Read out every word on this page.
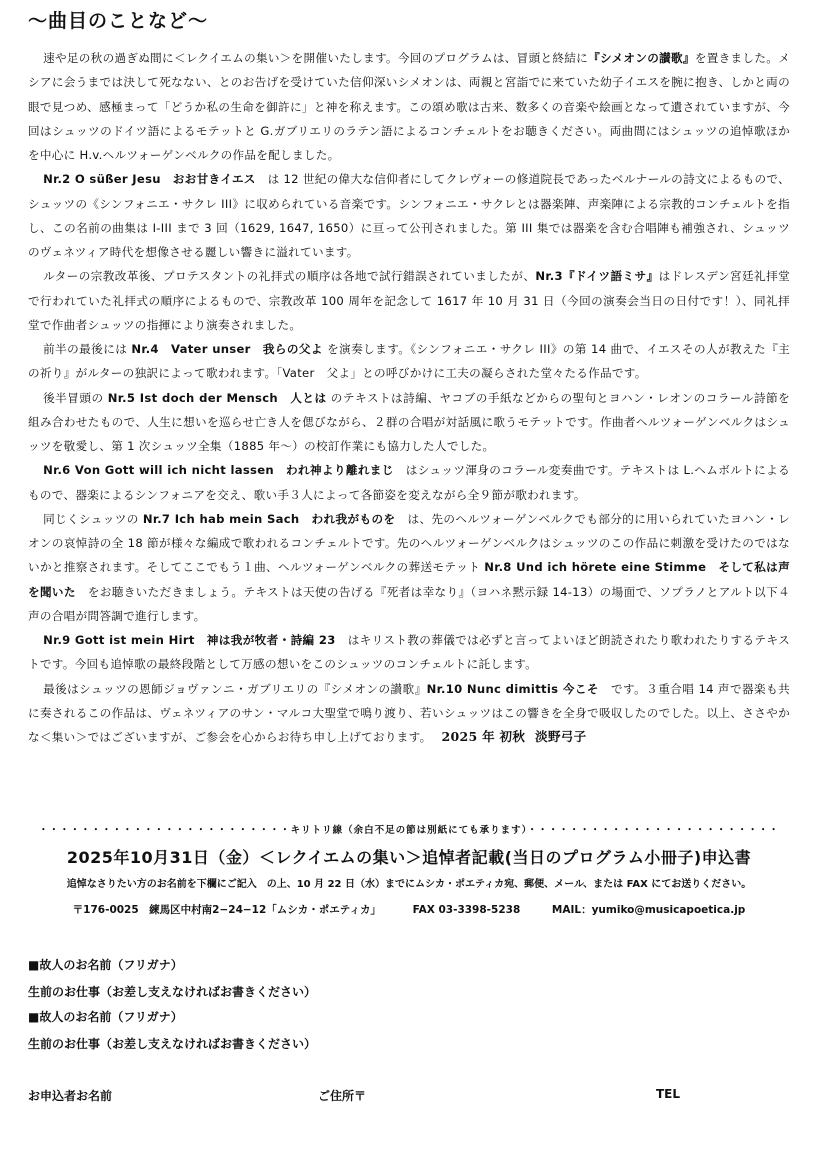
〜曲目のことなど〜

速や足の秋の過ぎぬ間に＜レクイエムの集い＞を開催いたします。今回のプログラムは、冒頭と終結に『シメオンの讃歌』を置きました。メシアに会うまでは決して死なない、とのお告げを受けていた信仰深いシメオンは、両親と宮詣でに来ていた幼子イエスを腕に抱き、しかと両の眼で見つめ、感極まって「どうか私の生命を御許に」と神を称えます。この頌め歌は古来、数多くの音楽や絵画となって遺されていますが、今回はシュッツのドイツ語によるモテットと G.ガブリエリのラテン語によるコンチェルトをお聴きください。両曲間にはシュッツの追悼歌ほかを中心に H.v.ヘルツォーゲンベルクの作品を配しました。

Nr.2 O süßer Jesu　おお甘きイエス　は 12 世紀の偉大な信仰者にしてクレヴォーの修道院長であったベルナールの詩文によるもので、シュッツの《シンフォニエ・サクレ III》に収められている音楽です。シンフォニエ・サクレとは器楽陣、声楽陣による宗教的コンチェルトを指し、この名前の曲集は I-III まで 3 回（1629, 1647, 1650）に亘って公刊されました。第 III 集では器楽を含む合唱陣も補強され、シュッツのヴェネツィア時代を想像させる麗しい響きに溢れています。

ルターの宗教改革後、プロテスタントの礼拝式の順序は各地で試行錯誤されていましたが、Nr.3『ドイツ語ミサ』はドレスデン宮廷礼拝堂で行われていた礼拝式の順序によるもので、宗教改革 100 周年を記念して 1617 年 10 月 31 日（今回の演奏会当日の日付です！）、同礼拝堂で作曲者シュッツの指揮により演奏されました。

前半の最後には Nr.4　Vater unser　我らの父よ を演奏します。《シンフォニエ・サクレ III》の第 14 曲で、イエスその人が教えた『主の祈り』がルターの独訳によって歌われます。「Vater　父よ」との呼びかけに工夫の凝らされた堂々たる作品です。

後半冒頭の Nr.5 Ist doch der Mensch　人とは のテキストは詩編、ヤコブの手紙などからの聖句とヨハン・レオンのコラール詩節を組み合わせたもので、人生に想いを巡らせ亡き人を偲びながら、２群の合唱が対話風に歌うモテットです。作曲者ヘルツォーゲンベルクはシュッツを敬愛し、第 1 次シュッツ全集（1885 年〜）の校訂作業にも協力した人でした。

Nr.6 Von Gott will ich nicht lassen　われ神より離れまじ　はシュッツ渾身のコラール変奏曲です。テキストは L.ヘムボルトによるもので、器楽によるシンフォニアを交え、歌い手３人によって各節姿を変えながら全９節が歌われます。

同じくシュッツの Nr.7 Ich hab mein Sach　われ我がものを　は、先のヘルツォーゲンベルクでも部分的に用いられていたヨハン・レオンの哀悼詩の全 18 節が様々な編成で歌われるコンチェルトです。先のヘルツォーゲンベルクはシュッツのこの作品に刺激を受けたのではないかと推察されます。そしてここでもう１曲、ヘルツォーゲンベルクの葬送モテット Nr.8 Und ich hörete eine Stimme　そして私は声を聞いた　をお聴きいただきましょう。テキストは天使の告げる『死者は幸なり』（ヨハネ黙示録 14-13）の場面で、ソプラノとアルト以下４声の合唱が問答調で進行します。

Nr.9 Gott ist mein Hirt　神は我が牧者・詩編 23　はキリスト教の葬儀では必ずと言ってよいほど朗読されたり歌われたりするテキストです。今回も追悼歌の最終段階として万感の想いをこのシュッツのコンチェルトに託します。

最後はシュッツの恩師ジョヴァンニ・ガブリエリの『シメオンの讃歌』Nr.10 Nunc dimittis 今こそ　です。３重合唱 14 声で器楽も共に奏されるこの作品は、ヴェネツィアのサン・マルコ大聖堂で鳴り渡り、若いシュッツはこの響きを全身で吸収したのでした。以上、ささやかな＜集い＞ではございますが、ご参会を心からお待ち申し上げております。 2025 年 初秋 淡野弓子

・・・・・・・・・・・・・・・・・・・・・・・・キリトリ線（余白不足の節は別紙にても承ります）・・・・・・・・・・・・・・・・・・・・・・・・
2025年10月31日（金）＜レクイエムの集い＞追悼者記載(当日のプログラム小冊子)申込書
追悼なさりたい方のお名前を下欄にご記入　の上、10 月 22 日（水）までにムシカ・ポエティカ宛、郵便、メール、または FAX にてお送りください。
〒176-0025　練馬区中村南2−24−12「ムシカ・ポエティカ」	FAX 03-3398-5238	MAIL：yumiko@musicapoetica.jp
■故人のお名前（フリガナ）
生前のお仕事（お差し支えなければお書きください）
■故人のお名前（フリガナ）
生前のお仕事（お差し支えなければお書きください）
お申込者お名前	ご住所〒	TEL
